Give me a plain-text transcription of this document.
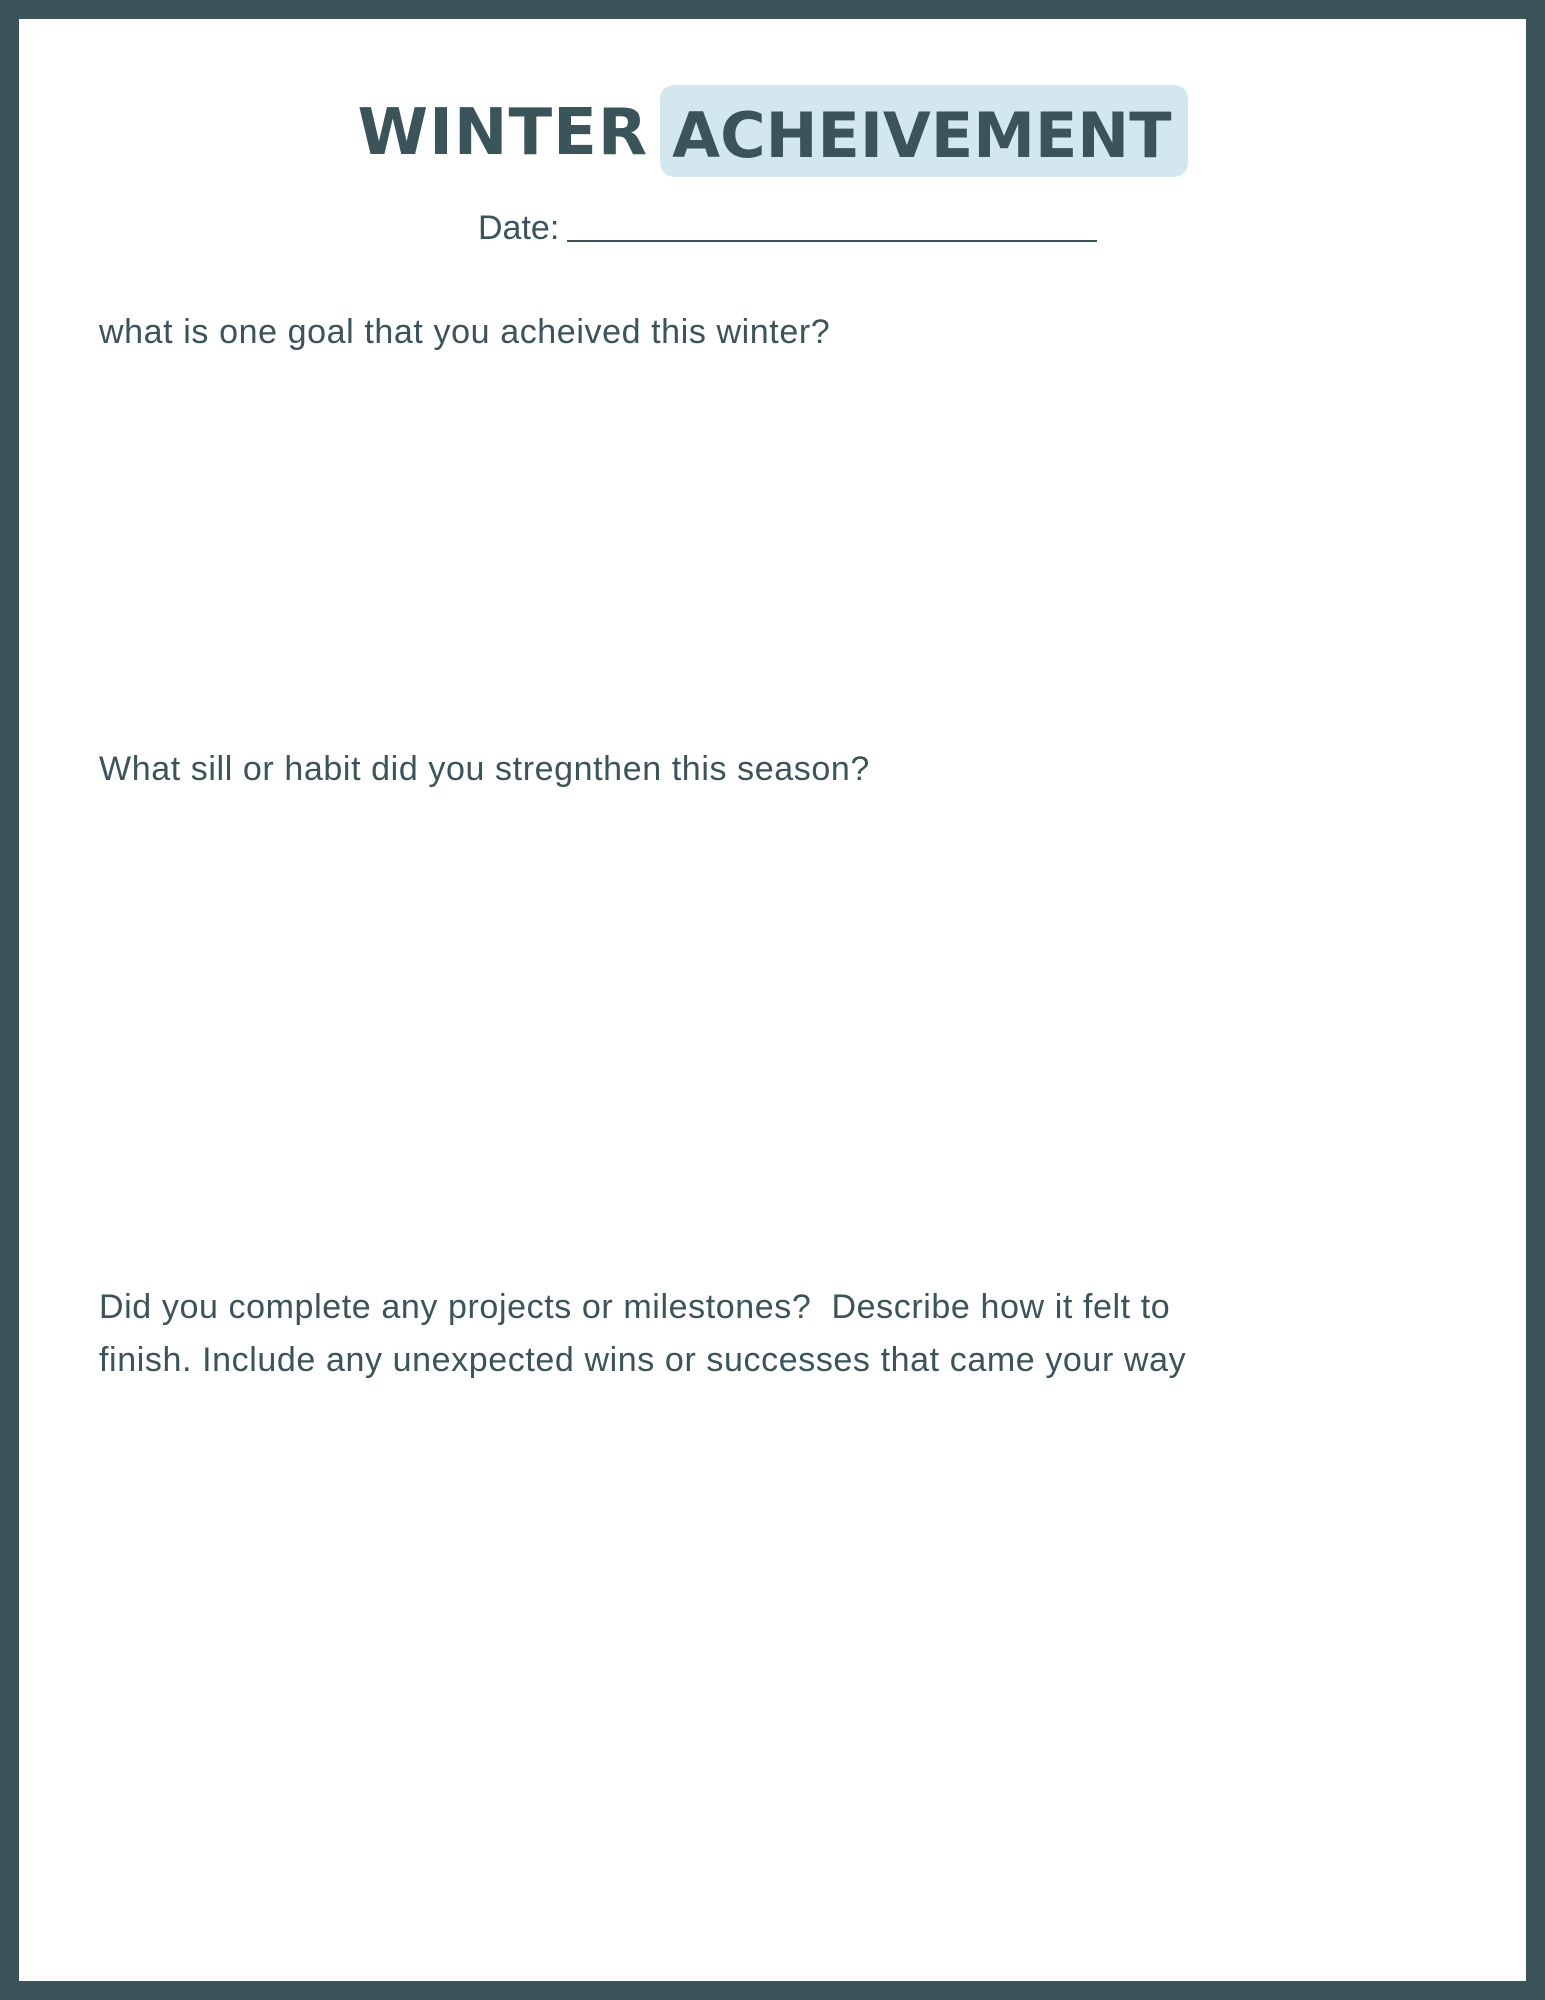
WINTER ACHEIVEMENT
Date:
what is one goal that you acheived this winter?
What sill or habit did you stregnthen this season?
Did you complete any projects or milestones?  Describe how it felt to
finish. Include any unexpected wins or successes that came your way
